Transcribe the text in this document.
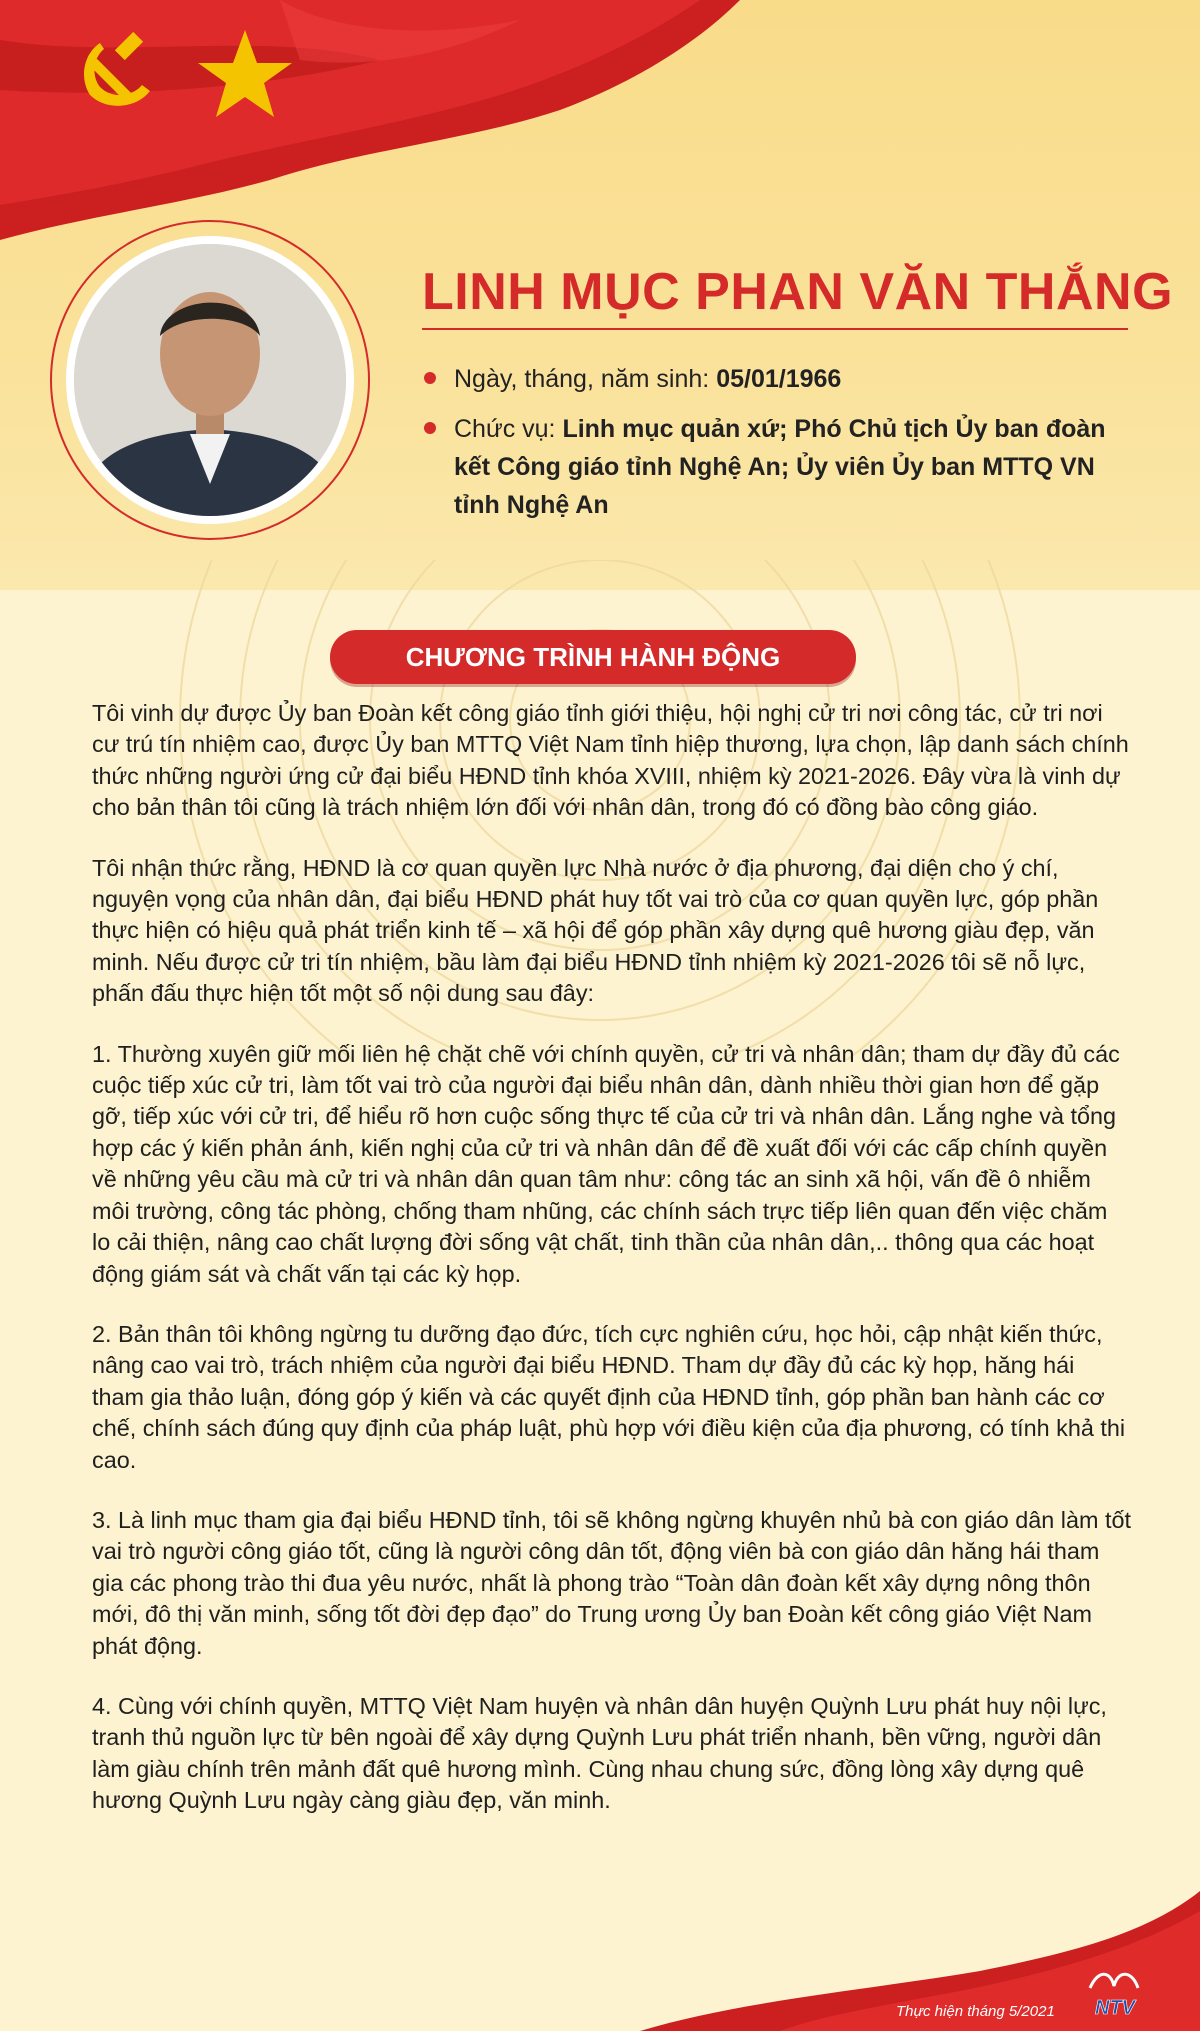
LINH MỤC PHAN VĂN THẮNG
Ngày, tháng, năm sinh: 05/01/1966
Chức vụ: Linh mục quản xứ; Phó Chủ tịch Ủy ban đoàn kết Công giáo tỉnh Nghệ An; Ủy viên Ủy ban MTTQ VN tỉnh Nghệ An
CHƯƠNG TRÌNH HÀNH ĐỘNG

Tôi vinh dự được Ủy ban Đoàn kết công giáo tỉnh giới thiệu, hội nghị cử tri nơi công tác, cử tri nơi cư trú tín nhiệm cao, được Ủy ban MTTQ Việt Nam tỉnh hiệp thương, lựa chọn, lập danh sách chính thức những người ứng cử đại biểu HĐND tỉnh khóa XVIII, nhiệm kỳ 2021-2026. Đây vừa là vinh dự cho bản thân tôi cũng là trách nhiệm lớn đối với nhân dân, trong đó có đồng bào công giáo.

Tôi nhận thức rằng, HĐND là cơ quan quyền lực Nhà nước ở địa phương, đại diện cho ý chí, nguyện vọng của nhân dân, đại biểu HĐND phát huy tốt vai trò của cơ quan quyền lực, góp phần thực hiện có hiệu quả phát triển kinh tế – xã hội để góp phần xây dựng quê hương giàu đẹp, văn minh. Nếu được cử tri tín nhiệm, bầu làm đại biểu HĐND tỉnh nhiệm kỳ 2021-2026 tôi sẽ nỗ lực, phấn đấu thực hiện tốt một số nội dung sau đây:

1. Thường xuyên giữ mối liên hệ chặt chẽ với chính quyền, cử tri và nhân dân; tham dự đầy đủ các cuộc tiếp xúc cử tri, làm tốt vai trò của người đại biểu nhân dân, dành nhiều thời gian hơn để gặp gỡ, tiếp xúc với cử tri, để hiểu rõ hơn cuộc sống thực tế của cử tri và nhân dân. Lắng nghe và tổng hợp các ý kiến phản ánh, kiến nghị của cử tri và nhân dân để đề xuất đối với các cấp chính quyền về những yêu cầu mà cử tri và nhân dân quan tâm như: công tác an sinh xã hội, vấn đề ô nhiễm môi trường, công tác phòng, chống tham nhũng, các chính sách trực tiếp liên quan đến việc chăm lo cải thiện, nâng cao chất lượng đời sống vật chất, tinh thần của nhân dân,.. thông qua các hoạt động giám sát và chất vấn tại các kỳ họp.

2. Bản thân tôi không ngừng tu dưỡng đạo đức, tích cực nghiên cứu, học hỏi, cập nhật kiến thức, nâng cao vai trò, trách nhiệm của người đại biểu HĐND. Tham dự đầy đủ các kỳ họp, hăng hái tham gia thảo luận, đóng góp ý kiến và các quyết định của HĐND tỉnh, góp phần ban hành các cơ chế, chính sách đúng quy định của pháp luật, phù hợp với điều kiện của địa phương, có tính khả thi cao.

3. Là linh mục tham gia đại biểu HĐND tỉnh, tôi sẽ không ngừng khuyên nhủ bà con giáo dân làm tốt vai trò người công giáo tốt, cũng là người công dân tốt, động viên bà con giáo dân hăng hái tham gia các phong trào thi đua yêu nước, nhất là phong trào “Toàn dân đoàn kết xây dựng nông thôn mới, đô thị văn minh, sống tốt đời đẹp đạo” do Trung ương Ủy ban Đoàn kết công giáo Việt Nam phát động.

4. Cùng với chính quyền, MTTQ Việt Nam huyện và nhân dân huyện Quỳnh Lưu phát huy nội lực, tranh thủ nguồn lực từ bên ngoài để xây dựng Quỳnh Lưu phát triển nhanh, bền vững, người dân làm giàu chính trên mảnh đất quê hương mình. Cùng nhau chung sức, đồng lòng xây dựng quê hương Quỳnh Lưu ngày càng giàu đẹp, văn minh.

Thực hiện tháng 5/2021 NTV
